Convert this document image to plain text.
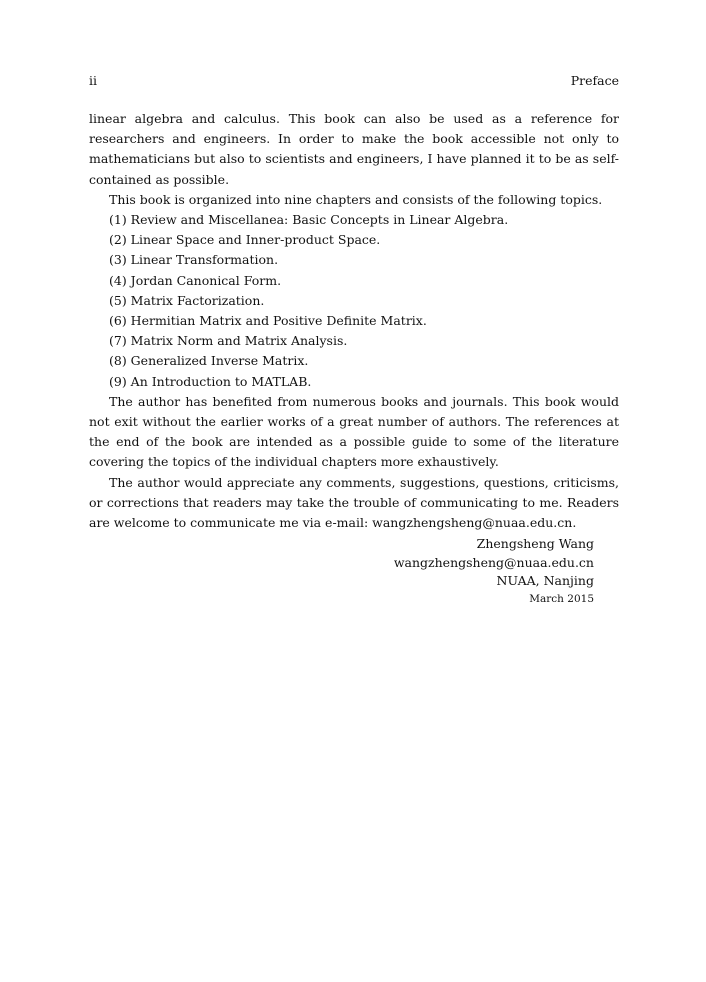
ii	Preface

linear algebra and calculus. This book can also be used as a reference for researchers and engineers. In order to make the book accessible not only to mathematicians but also to scientists and engineers, I have planned it to be as self-contained as possible.

This book is organized into nine chapters and consists of the following topics.

(1) Review and Miscellanea: Basic Concepts in Linear Algebra.
(2) Linear Space and Inner-product Space.
(3) Linear Transformation.
(4) Jordan Canonical Form.
(5) Matrix Factorization.
(6) Hermitian Matrix and Positive Definite Matrix.
(7) Matrix Norm and Matrix Analysis.
(8) Generalized Inverse Matrix.
(9) An Introduction to MATLAB.

The author has benefited from numerous books and journals. This book would not exit without the earlier works of a great number of authors. The references at the end of the book are intended as a possible guide to some of the literature covering the topics of the individual chapters more exhaustively.

The author would appreciate any comments, suggestions, questions, criticisms, or corrections that readers may take the trouble of communicating to me. Readers are welcome to communicate me via e-mail: wangzhengsheng@nuaa.edu.cn.

Zhengsheng Wang
wangzhengsheng@nuaa.edu.cn
NUAA, Nanjing
March 2015
